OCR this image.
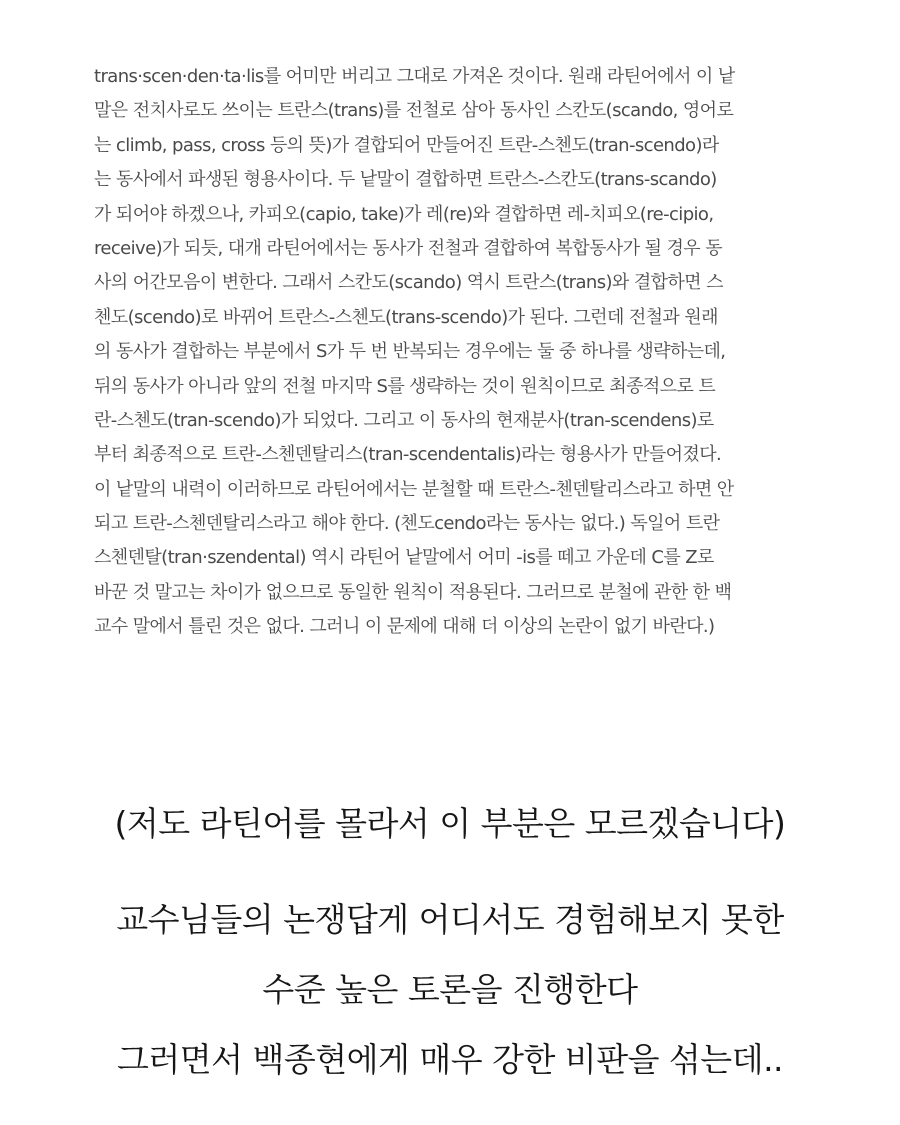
trans·scen·den·ta·lis를 어미만 버리고 그대로 가져온 것이다. 원래 라틴어에서 이 낱
말은 전치사로도 쓰이는 트란스(trans)를 전철로 삼아 동사인 스칸도(scando, 영어로
는 climb, pass, cross 등의 뜻)가 결합되어 만들어진 트란-스첸도(tran-scendo)라
는 동사에서 파생된 형용사이다. 두 낱말이 결합하면 트란스-스칸도(trans-scando)
가 되어야 하겠으나, 카피오(capio, take)가 레(re)와 결합하면 레-치피오(re-cipio,
receive)가 되듯, 대개 라틴어에서는 동사가 전철과 결합하여 복합동사가 될 경우 동
사의 어간모음이 변한다. 그래서 스칸도(scando) 역시 트란스(trans)와 결합하면 스
첸도(scendo)로 바뀌어 트란스-스첸도(trans-scendo)가 된다. 그런데 전철과 원래
의 동사가 결합하는 부분에서 S가 두 번 반복되는 경우에는 둘 중 하나를 생략하는데,
뒤의 동사가 아니라 앞의 전철 마지막 S를 생략하는 것이 원칙이므로 최종적으로 트
란-스첸도(tran-scendo)가 되었다. 그리고 이 동사의 현재분사(tran-scendens)로
부터 최종적으로 트란-스첸덴탈리스(tran-scendentalis)라는 형용사가 만들어졌다.
이 낱말의 내력이 이러하므로 라틴어에서는 분철할 때 트란스-첸덴탈리스라고 하면 안
되고 트란-스첸덴탈리스라고 해야 한다. (첸도cendo라는 동사는 없다.) 독일어 트란
스첸덴탈(tran·szendental) 역시 라틴어 낱말에서 어미 -is를 떼고 가운데 C를 Z로
바꾼 것 말고는 차이가 없으므로 동일한 원칙이 적용된다. 그러므로 분철에 관한 한 백
교수 말에서 틀린 것은 없다. 그러니 이 문제에 대해 더 이상의 논란이 없기 바란다.)
(저도 라틴어를 몰라서 이 부분은 모르겠습니다)
교수님들의 논쟁답게 어디서도 경험해보지 못한
수준 높은 토론을 진행한다
그러면서 백종현에게 매우 강한 비판을 섞는데..
